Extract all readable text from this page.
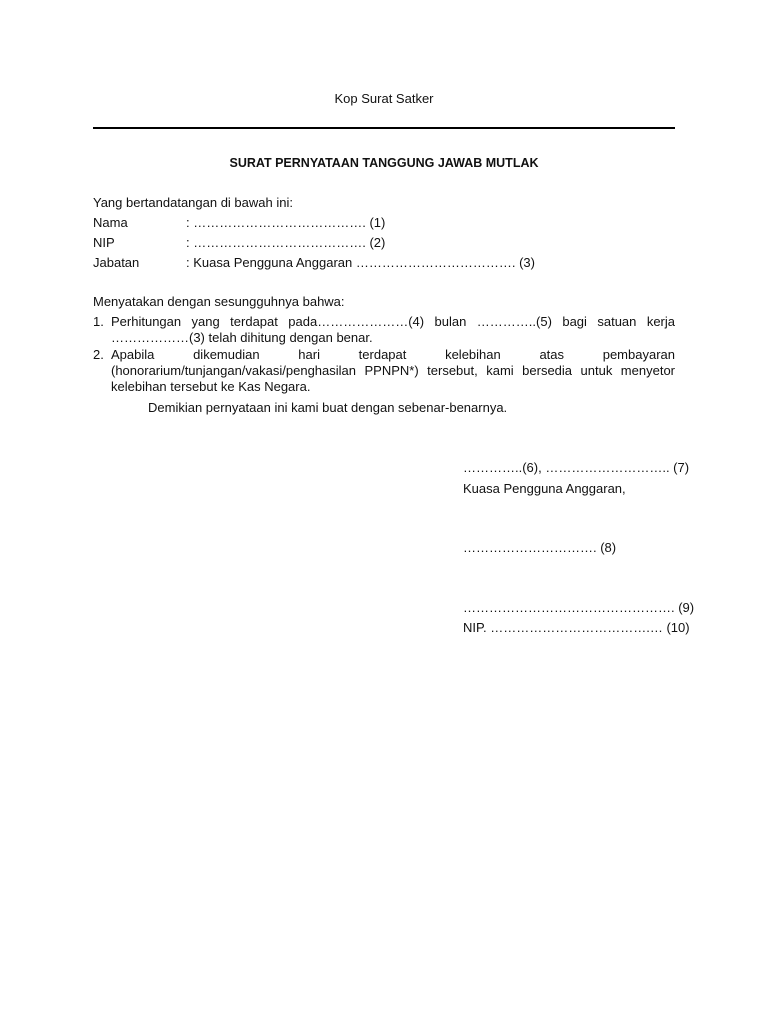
Kop Surat Satker
SURAT PERNYATAAN TANGGUNG JAWAB MUTLAK
Yang bertandatangan di bawah ini:
Nama	: …………………………………. (1)
NIP	: …………………………………. (2)
Jabatan	: Kuasa Pengguna Anggaran ………………………………. (3)
Menyatakan dengan sesungguhnya bahwa:
1. Perhitungan yang terdapat pada…………………(4) bulan …………..(5) bagi satuan kerja ………………(3) telah dihitung dengan benar.
2. Apabila dikemudian hari terdapat kelebihan atas pembayaran (honorarium/tunjangan/vakasi/penghasilan PPNPN*) tersebut, kami bersedia untuk menyetor kelebihan tersebut ke Kas Negara.
Demikian pernyataan ini kami buat dengan sebenar-benarnya.
…………..(6), ……………………….. (7)
Kuasa Pengguna Anggaran,
…………………………. (8)
…………………………………………. (9)
NIP. ……………………………….… (10)
